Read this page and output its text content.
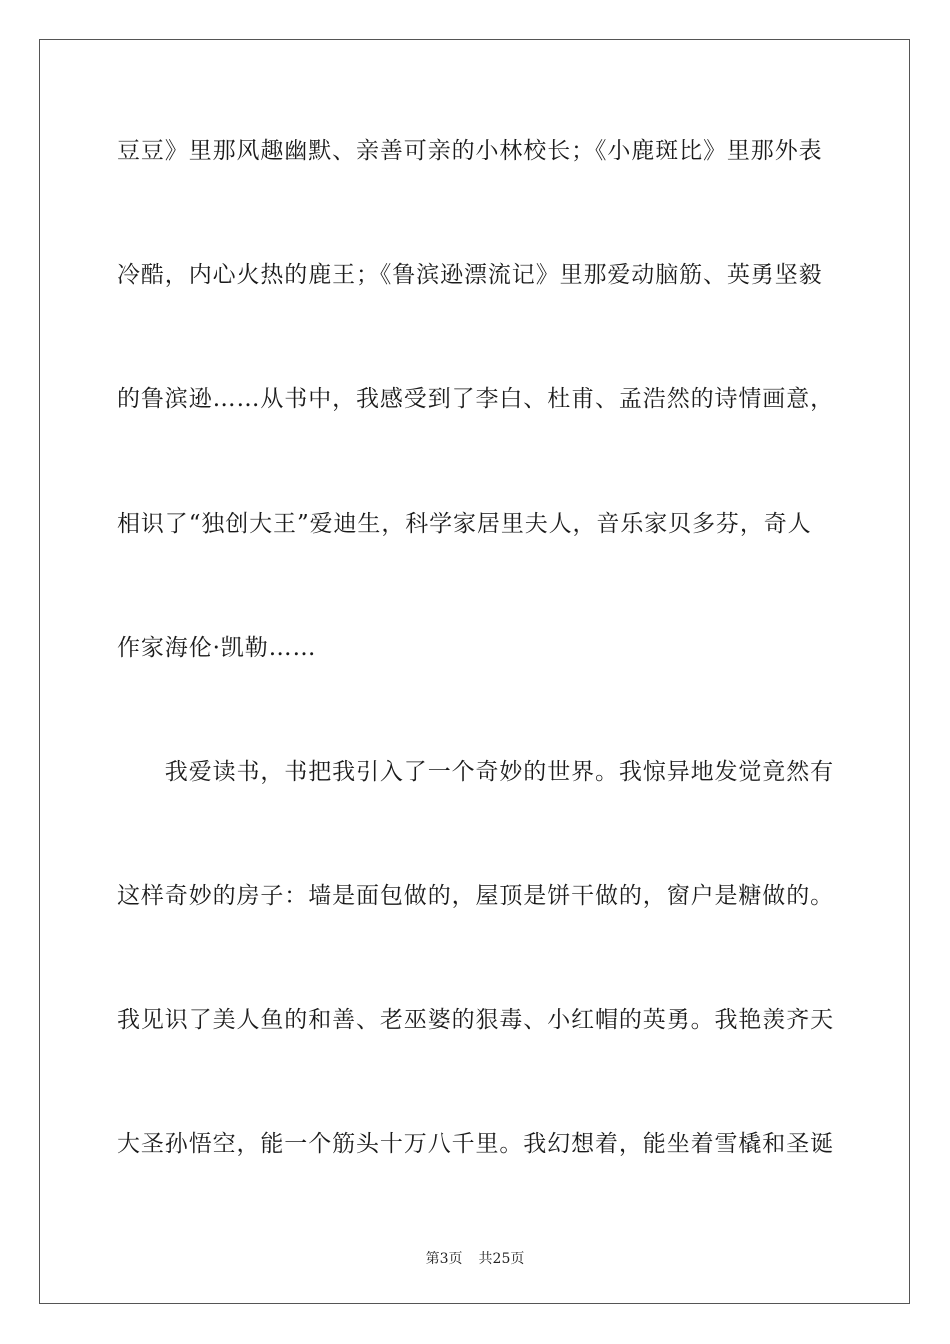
豆豆》里那风趣幽默、亲善可亲的小林校长；《小鹿斑比》里那外表
冷酷，内心火热的鹿王；《鲁滨逊漂流记》里那爱动脑筋、英勇坚毅
的鲁滨逊……从书中，我感受到了李白、杜甫、孟浩然的诗情画意，
相识了“独创大王”爱迪生，科学家居里夫人，音乐家贝多芬，奇人
作家海伦·凯勒……
　　我爱读书，书把我引入了一个奇妙的世界。我惊异地发觉竟然有
这样奇妙的房子：墙是面包做的，屋顶是饼干做的，窗户是糖做的。
我见识了美人鱼的和善、老巫婆的狠毒、小红帽的英勇。我艳羡齐天
大圣孙悟空，能一个筋头十万八千里。我幻想着，能坐着雪橇和圣诞
第3页 共25页
